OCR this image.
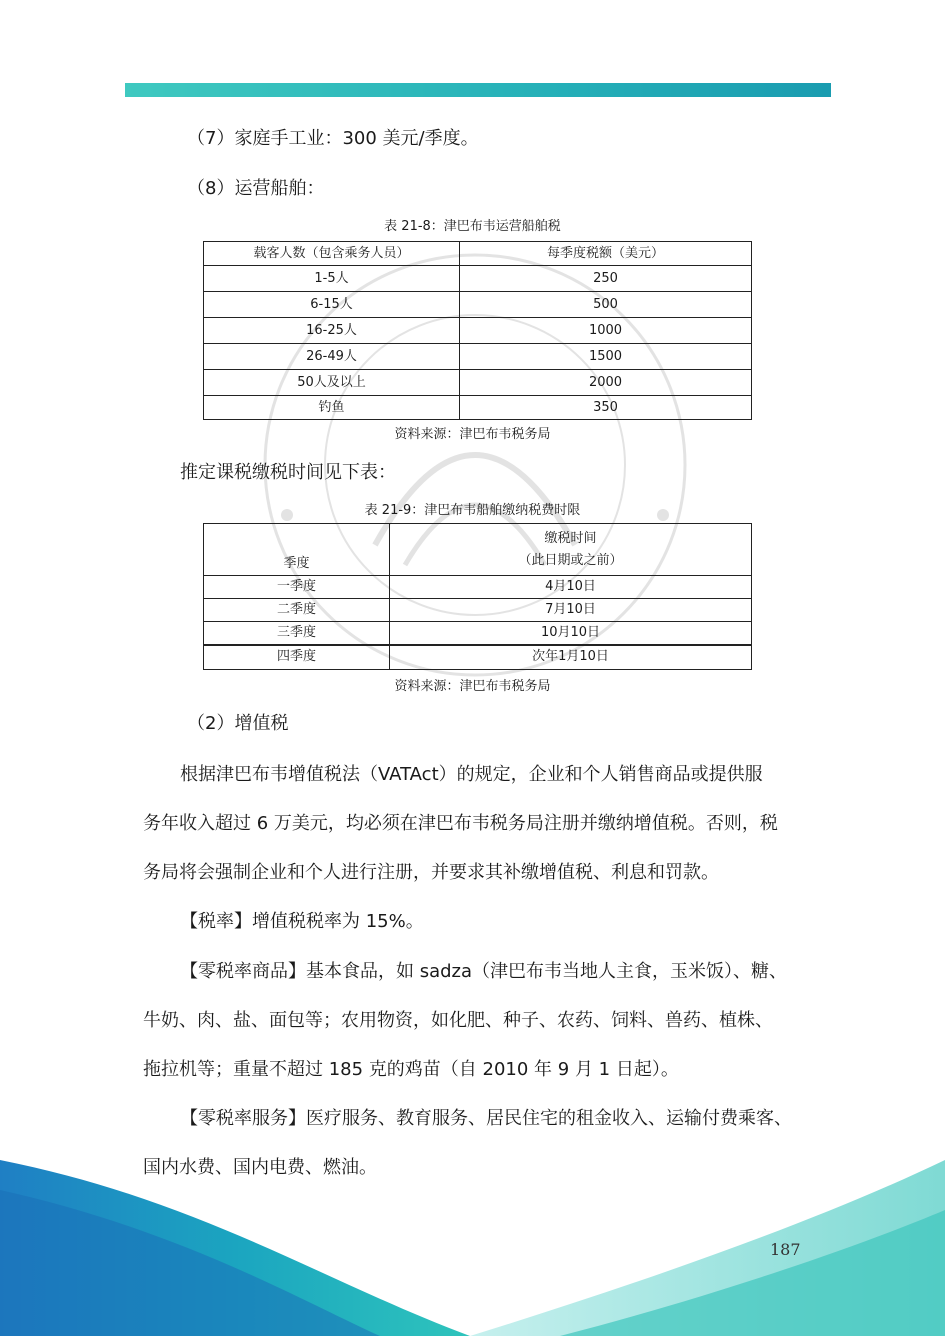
（7）家庭手工业：300 美元/季度。
（8）运营船舶：
表 21-8：津巴布韦运营船舶税
载客人数（包含乘务人员）	每季度税额（美元）
1-5人	250
6-15人	500
16-25人	1000
26-49人	1500
50人及以上	2000
钓鱼	350
资料来源：津巴布韦税务局
推定课税缴税时间见下表：
表 21-9：津巴布韦船舶缴纳税费时限
季度	缴税时间
（此日期或之前）

一季度	4月10日
二季度	7月10日
三季度	10月10日
四季度	次年1月10日
资料来源：津巴布韦税务局
（2）增值税
根据津巴布韦增值税法（VATAct）的规定，企业和个人销售商品或提供服
务年收入超过 6 万美元，均必须在津巴布韦税务局注册并缴纳增值税。否则，税
务局将会强制企业和个人进行注册，并要求其补缴增值税、利息和罚款。
【税率】增值税税率为 15%。
【零税率商品】基本食品，如 sadza（津巴布韦当地人主食，玉米饭）、糖、
牛奶、肉、盐、面包等；农用物资，如化肥、种子、农药、饲料、兽药、植株、
拖拉机等；重量不超过 185 克的鸡苗（自 2010 年 9 月 1 日起）。
【零税率服务】医疗服务、教育服务、居民住宅的租金收入、运输付费乘客、
国内水费、国内电费、燃油。
187
